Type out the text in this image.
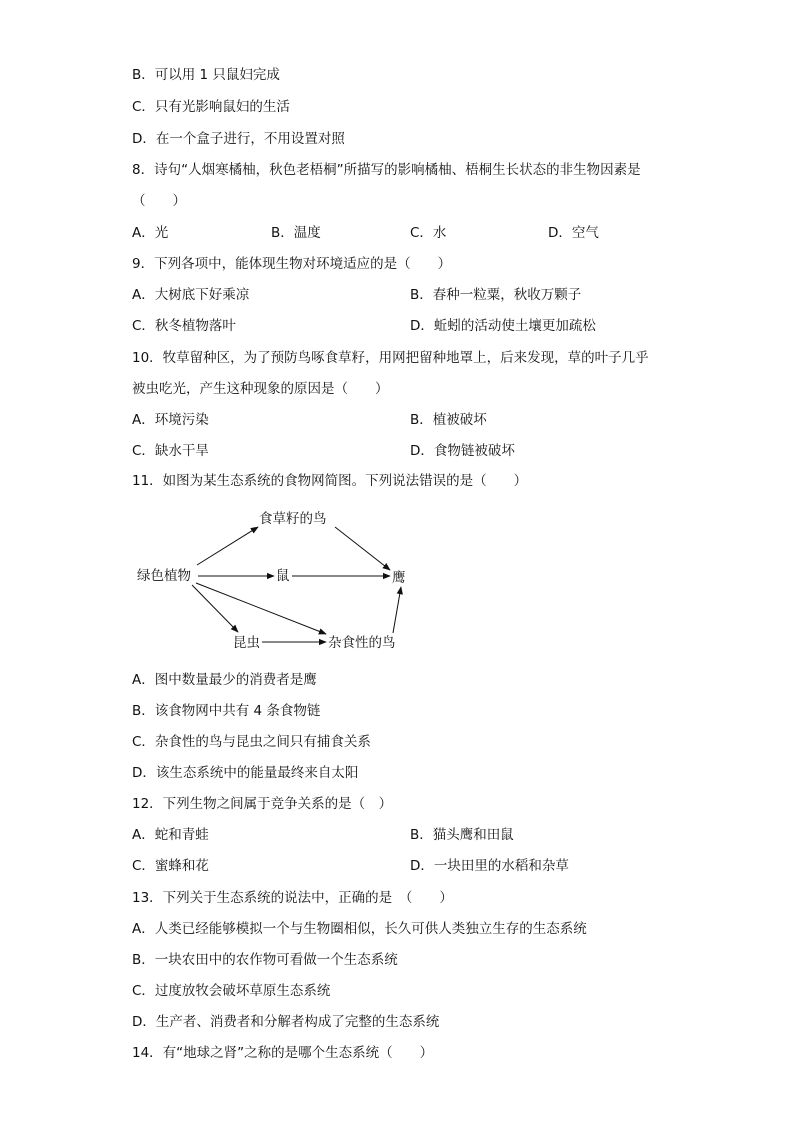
B．可以用 1 只鼠妇完成
C．只有光影响鼠妇的生活
D．在一个盒子进行，不用设置对照
8．诗句“人烟寒橘柚，秋色老梧桐”所描写的影响橘柚、梧桐生长状态的非生物因素是
（　　）
A．光	B．温度	C．水	D．空气
9．下列各项中，能体现生物对环境适应的是（　　）
A．大树底下好乘凉	B．春种一粒粟，秋收万颗子
C．秋冬植物落叶	D．蚯蚓的活动使土壤更加疏松
10．牧草留种区，为了预防鸟啄食草籽，用网把留种地罩上，后来发现，草的叶子几乎
被虫吃光，产生这种现象的原因是（　　）
A．环境污染	B．植被破坏
C．缺水干旱	D．食物链被破坏
11．如图为某生态系统的食物网简图。下列说法错误的是（　　）
绿色植物
食草籽的鸟
鼠	鹰
昆虫	杂食性的鸟
A．图中数量最少的消费者是鹰
B．该食物网中共有 4 条食物链
C．杂食性的鸟与昆虫之间只有捕食关系
D．该生态系统中的能量最终来自太阳
12．下列生物之间属于竞争关系的是（　）
A．蛇和青蛙	B．猫头鹰和田鼠
C．蜜蜂和花	D．一块田里的水稻和杂草
13．下列关于生态系统的说法中，正确的是　（　　）
A．人类已经能够模拟一个与生物圈相似，长久可供人类独立生存的生态系统
B．一块农田中的农作物可看做一个生态系统
C．过度放牧会破坏草原生态系统
D．生产者、消费者和分解者构成了完整的生态系统
14．有“地球之肾”之称的是哪个生态系统（　　）
